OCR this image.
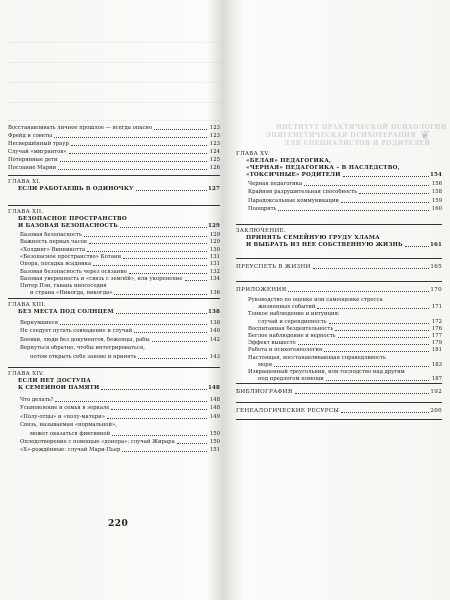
Восстанавливать личное прошлое — всегда опасно	123
Фрейд и советы	123
Несвершённый траур	123
Случай «мигрантов»	124
Потерянные дети	125
Послание Марии	126
ГЛАВА XI.
ЕСЛИ РАБОТАЕШЬ В ОДИНОЧКУ	127
ГЛАВА XII.
БЕЗОПАСНОЕ ПРОСТРАНСТВО
И БАЗОВАЯ БЕЗОПАСНОСТЬ	129
Базовая безопасность	129
Важность первых часов	129
«Холдинг» Винникотта	130
«Безопасное пространство» Котанн	131
Опора, посадка всадника	131
Базовая безопасность через осязание	132
Базовая уверенность и «связь с землёй», или укоренение	134
Питер Пэн, гавань инососодия
и страна «Никогда, никогда»	136
ГЛАВА XIII.
БЕЗ МЕСТА ПОД СОЛНЦЕМ	138
Вернувшиеся	138
Не следует путать совпадение и случай	140
Боевки, люди без документов, беженцы, рабы	142
Вернуться обратно, чтобы интегрироваться,
потом открыть себе заново и принять	143
ГЛАВА XIV.
ЕСЛИ НЕТ ДОСТУПА
К СЕМЕЙНОЙ ПАМЯТИ	148
Что делать?	148
Усыновление и семья в зеркале	148
«Полу-отцы» и «полу-матери»	149
Связь, называемая «нормальной»,
может оказаться фиктивной	150
Оплодотворение с помощью «донора»: случай Жирара	150
«Х»-рождённые: случай Мари-Пьер	151
220
ИНСТИТУТ ПРАКТИЧЕСКОЙ ПСИХОЛОГИИ
ЭПИГЕНЕТИЧЕСКАЯ ПСИХОТЕРАПИЯ
ДЛЯ СПЕЦИАЛИСТОВ И РОДИТЕЛЕЙ
ГЛАВА XV.
«БЕЛАЯ» ПЕДАГОГИКА,
«ЧЕРНАЯ» ПЕДАГОГИКА – В НАСЛЕДСТВО,
«ТОКСИЧНЫЕ» РОДИТЕЛИ	154
Черная педагогика	156
Крайняя разрушительная способность	158
Парадоксальные коммуникации	159
Поощрять	160
ЗАКЛЮЧЕНИЕ.
ПРИНЯТЬ СЕМЕЙНУЮ ГРУДУ ХЛАМА
И ВЫБРАТЬ ИЗ НЕЕ СОБСТВЕННУЮ ЖИЗНЬ	161
ПРЕУСПЕТЬ В ЖИЗНИ	165
ПРИЛОЖЕНИЯ	170
Руководство по оценке или самооценке стресса
жизненных событий	171
Тонкое наблюдение и интуиция:
случай и серендипность	172
Воспитанная бездеятельность	176
Беглое наблюдение и верность	177
Эффект вышесто	179
Работа и психогенеология	181
Настоящая, восстанавливающая справедливость
моря	183
Извращенный треугольник, или господство над другим
под предлогом помощи	187
БИБЛИОГРАФИЯ	192
ГЕНЕАЛОГИЧЕСКИЕ РЕСУРСЫ	200
❦
